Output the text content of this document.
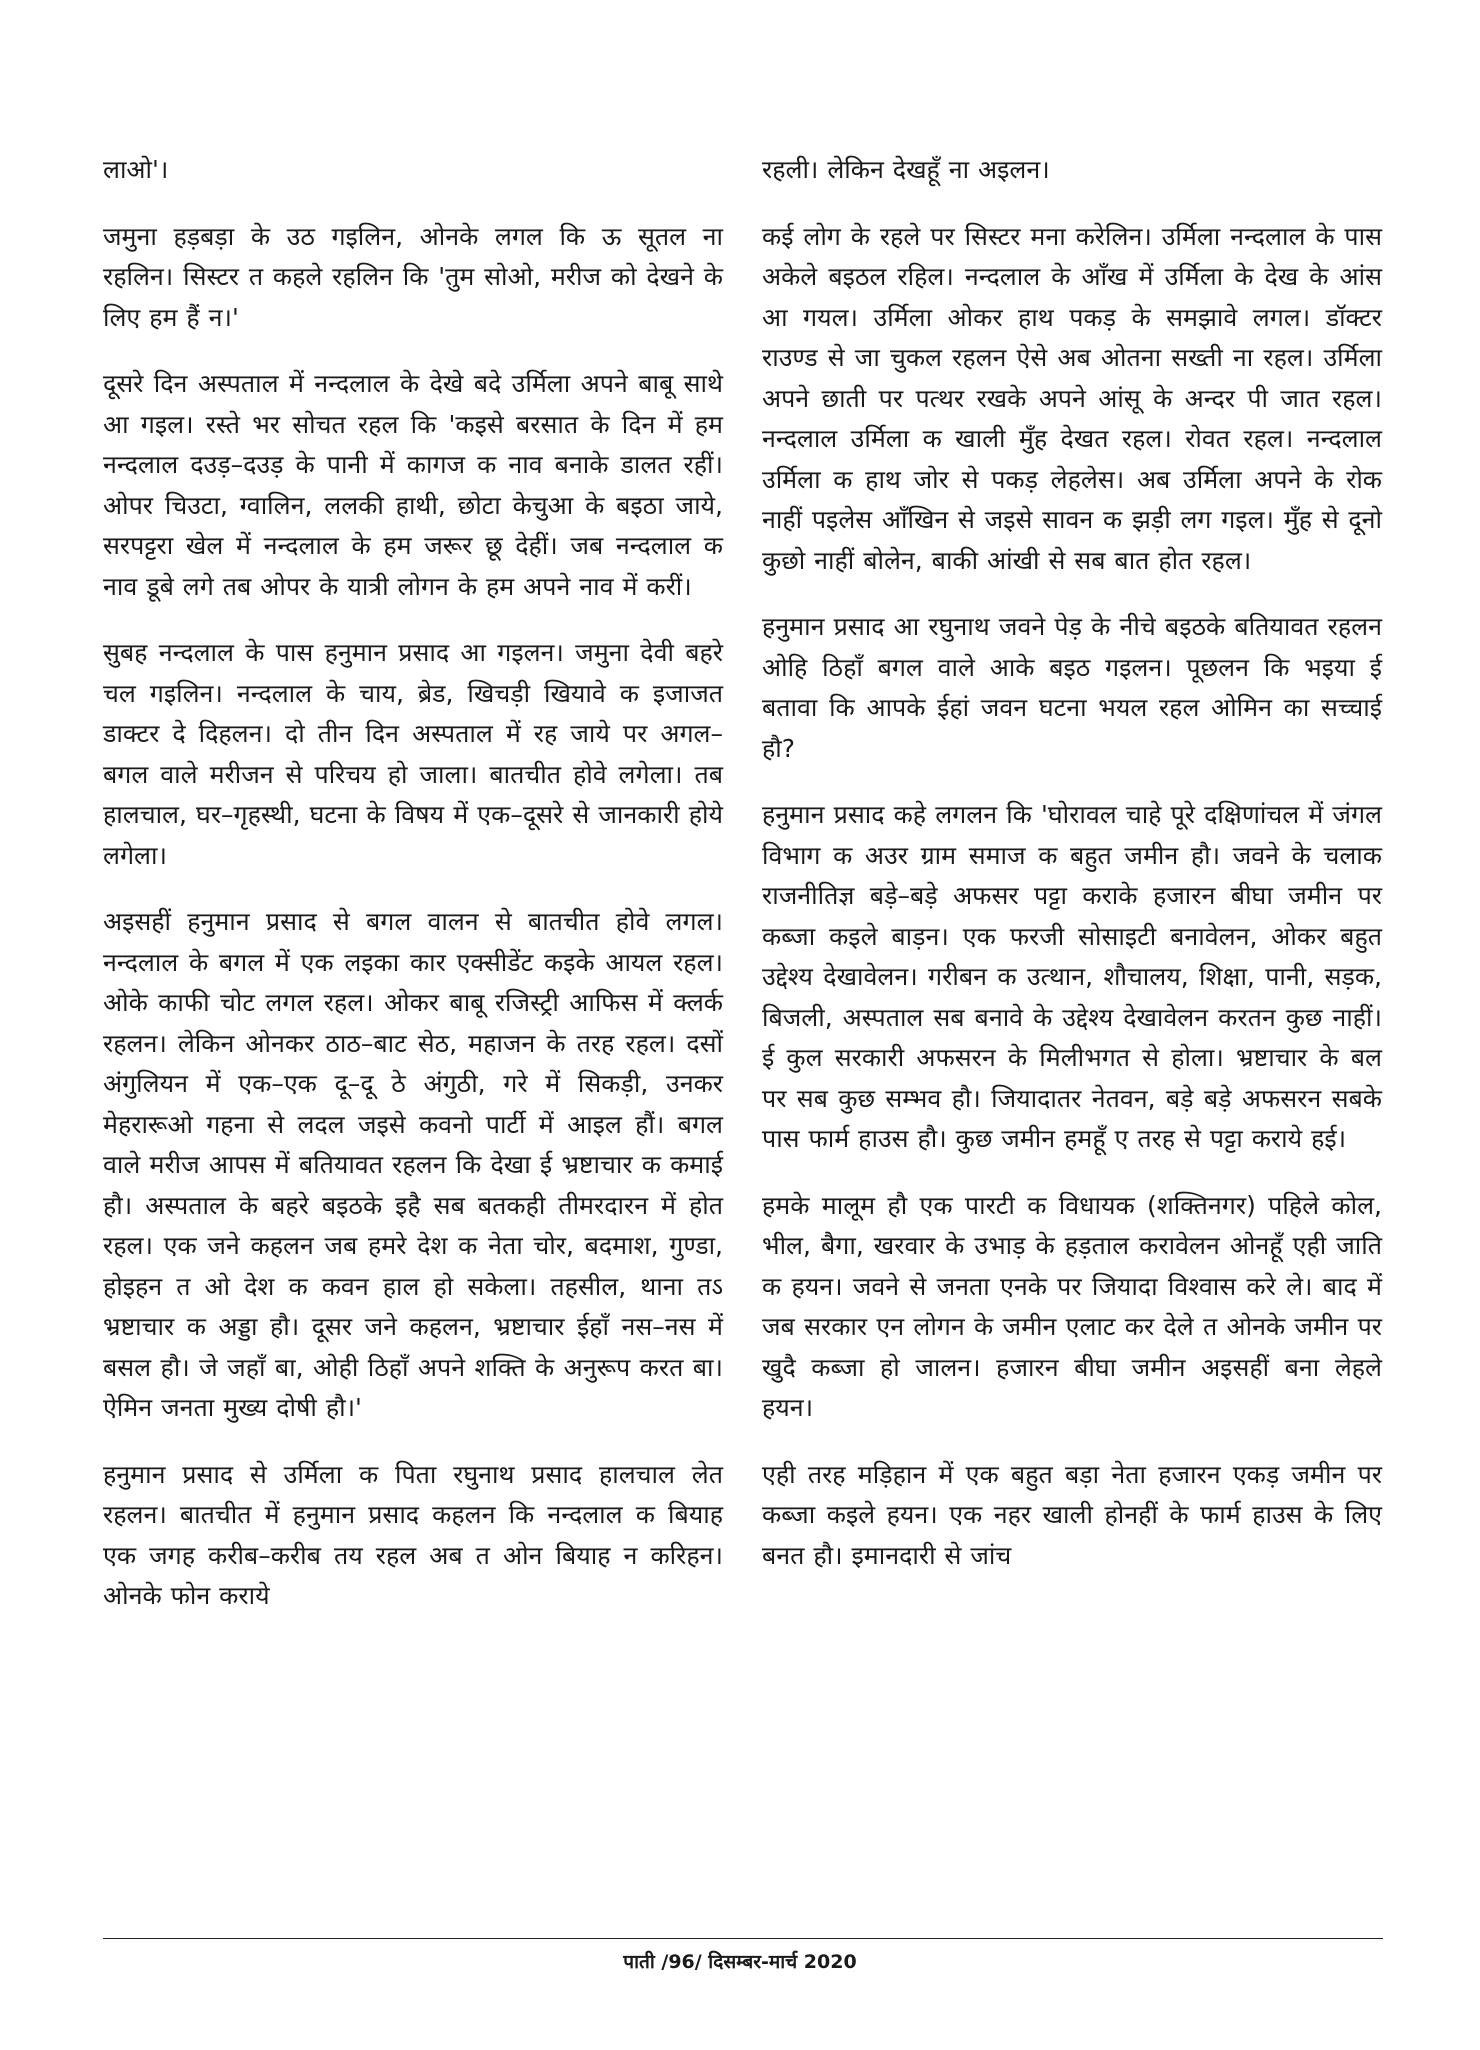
लाओ'।

जमुना हड़बड़ा के उठ गइलिन, ओनके लगल कि ऊ सूतल ना रहलिन। सिस्टर त कहले रहलिन कि 'तुम सोओ, मरीज को देखने के लिए हम हैं न।'

दूसरे दिन अस्पताल में नन्दलाल के देखे बदे उर्मिला अपने बाबू साथे आ गइल। रस्ते भर सोचत रहल कि 'कइसे बरसात के दिन में हम नन्दलाल दउड़–दउड़ के पानी में कागज क नाव बनाके डालत रहीं। ओपर चिउटा, ग्वालिन, ललकी हाथी, छोटा केचुआ के बइठा जाये, सरपट्टरा खेल में नन्दलाल के हम जरूर छू देहीं। जब नन्दलाल क नाव डूबे लगे तब ओपर के यात्री लोगन के हम अपने नाव में करीं।

सुबह नन्दलाल के पास हनुमान प्रसाद आ गइलन। जमुना देवी बहरे चल गइलिन। नन्दलाल के चाय, ब्रेड, खिचड़ी खियावे क इजाजत डाक्टर दे दिहलन। दो तीन दिन अस्पताल में रह जाये पर अगल–बगल वाले मरीजन से परिचय हो जाला। बातचीत होवे लगेला। तब हालचाल, घर–गृहस्थी, घटना के विषय में एक–दूसरे से जानकारी होये लगेला।

अइसहीं हनुमान प्रसाद से बगल वालन से बातचीत होवे लगल। नन्दलाल के बगल में एक लइका कार एक्सीडेंट कइके आयल रहल। ओके काफी चोट लगल रहल। ओकर बाबू रजिस्ट्री आफिस में क्लर्क रहलन। लेकिन ओनकर ठाठ–बाट सेठ, महाजन के तरह रहल। दसों अंगुलियन में एक–एक दू–दू ठे अंगुठी, गरे में सिकड़ी, उनकर मेहरारूओ गहना से लदल जइसे कवनो पार्टी में आइल हौं। बगल वाले मरीज आपस में बतियावत रहलन कि देखा ई भ्रष्टाचार क कमाई हौ। अस्पताल के बहरे बइठके इहै सब बतकही तीमरदारन में होत रहल। एक जने कहलन जब हमरे देश क नेता चोर, बदमाश, गुण्डा, होइहन त ओ देश क कवन हाल हो सकेला। तहसील, थाना तऽ भ्रष्टाचार क अड्डा हौ। दूसर जने कहलन, भ्रष्टाचार ईहाँ नस–नस में बसल हौ। जे जहाँ बा, ओही ठिहाँ अपने शक्ति के अनुरूप करत बा। ऐमिन जनता मुख्य दोषी हौ।'

हनुमान प्रसाद से उर्मिला क पिता रघुनाथ प्रसाद हालचाल लेत रहलन। बातचीत में हनुमान प्रसाद कहलन कि नन्दलाल क बियाह एक जगह करीब–करीब तय रहल अब त ओन बियाह न करिहन। ओनके फोन कराये

रहली। लेकिन देखहूँ ना अइलन।

कई लोग के रहले पर सिस्टर मना करेलिन। उर्मिला नन्दलाल के पास अकेले बइठल रहिल। नन्दलाल के आँख में उर्मिला के देख के आंस आ गयल। उर्मिला ओकर हाथ पकड़ के समझावे लगल। डॉक्टर राउण्ड से जा चुकल रहलन ऐसे अब ओतना सख्ती ना रहल। उर्मिला अपने छाती पर पत्थर रखके अपने आंसू के अन्दर पी जात रहल। नन्दलाल उर्मिला क खाली मुँह देखत रहल। रोवत रहल। नन्दलाल उर्मिला क हाथ जोर से पकड़ लेहलेस। अब उर्मिला अपने के रोक नाहीं पइलेस आँखिन से जइसे सावन क झड़ी लग गइल। मुँह से दूनो कुछो नाहीं बोलेन, बाकी आंखी से सब बात होत रहल।

हनुमान प्रसाद आ रघुनाथ जवने पेड़ के नीचे बइठके बतियावत रहलन ओहि ठिहाँ बगल वाले आके बइठ गइलन। पूछलन कि भइया ई बतावा कि आपके ईहां जवन घटना भयल रहल ओमिन का सच्चाई हौ?

हनुमान प्रसाद कहे लगलन कि 'घोरावल चाहे पूरे दक्षिणांचल में जंगल विभाग क अउर ग्राम समाज क बहुत जमीन हौ। जवने के चलाक राजनीतिज्ञ बड़े–बड़े अफसर पट्टा कराके हजारन बीघा जमीन पर कब्जा कइले बाड़न। एक फरजी सोसाइटी बनावेलन, ओकर बहुत उद्देश्य देखावेलन। गरीबन क उत्थान, शौचालय, शिक्षा, पानी, सड़क, बिजली, अस्पताल सब बनावे के उद्देश्य देखावेलन करतन कुछ नाहीं। ई कुल सरकारी अफसरन के मिलीभगत से होला। भ्रष्टाचार के बल पर सब कुछ सम्भव हौ। जियादातर नेतवन, बड़े बड़े अफसरन सबके पास फार्म हाउस हौ। कुछ जमीन हमहूँ ए तरह से पट्टा कराये हई।

हमके मालूम हौ एक पारटी क विधायक (शक्तिनगर) पहिले कोल, भील, बैगा, खरवार के उभाड़ के हड़ताल करावेलन ओनहूँ एही जाति क हयन। जवने से जनता एनके पर जियादा विश्वास करे ले। बाद में जब सरकार एन लोगन के जमीन एलाट कर देले त ओनके जमीन पर खुदै कब्जा हो जालन। हजारन बीघा जमीन अइसहीं बना लेहले हयन।

एही तरह मड़िहान में एक बहुत बड़ा नेता हजारन एकड़ जमीन पर कब्जा कइले हयन। एक नहर खाली होनहीं के फार्म हाउस के लिए बनत हौ। इमानदारी से जांच

पाती /96/ दिसम्बर-मार्च 2020
